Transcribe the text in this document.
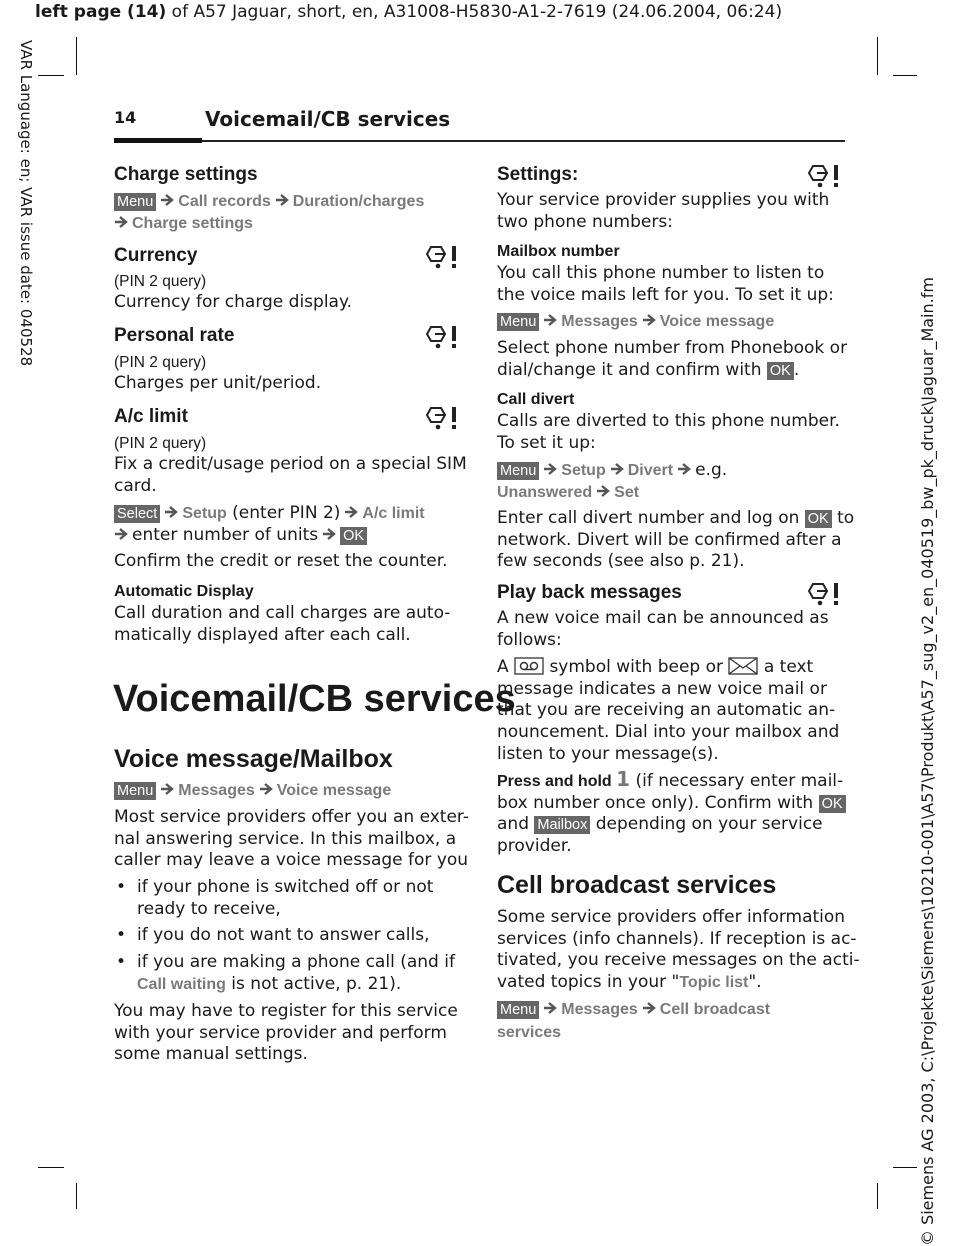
left page (14) of A57 Jaguar, short, en, A31008-H5830-A1-2-7619 (24.06.2004, 06:24)
VAR Language: en; VAR issue date: 040528
© Siemens AG 2003, C:\Projekte\Siemens\10210-001\A57\Produkt\A57_sug_v2_en_040519_bw_pk_druck\Jaguar_Main.fm
14	Voicemail/CB services
Charge settings
Menu Call records Duration/charges

Charge settings
Currency
(PIN 2 query)
Currency for charge display.
Personal rate
(PIN 2 query)
Charges per unit/period.
A/c limit
(PIN 2 query)

Fix a credit/usage period on a special SIM

card.

Select Setup (enter PIN 2) A/c limit

enter number of units OK
Confirm the credit or reset the counter.
Automatic Display

Call duration and call charges are auto-

matically displayed after each call.

Voicemail/CB services
Voice message/Mailbox
Menu Messages Voice message

Most service providers offer you an exter-

nal answering service. In this mailbox, a

caller may leave a voice message for you

• if your phone is switched off or not
ready to receive,
• if you do not want to answer calls,
• if you are making a phone call (and if
Call waiting is not active, p. 21).

You may have to register for this service

with your service provider and perform

some manual settings.

Settings:

Your service provider supplies you with

two phone numbers:

Mailbox number

You call this phone number to listen to

the voice mails left for you. To set it up:

Menu Messages Voice message

Select phone number from Phonebook or

dial/change it and confirm with OK .

Call divert

Calls are diverted to this phone number.

To set it up:

Menu Setup Divert e.g.
Unanswered Set

Enter call divert number and log on OK to

network. Divert will be confirmed after a

few seconds (see also p. 21).

Play back messages

A new voice mail can be announced as

follows:

A  symbol with beep or  a text

message indicates a new voice mail or

that you are receiving an automatic an-

nouncement. Dial into your mailbox and

listen to your message(s).

Press and hold 1 (if necessary enter mail-

box number once only). Confirm with OK

and Mailbox depending on your service

provider.

Cell broadcast services

Some service providers offer information

services (info channels). If reception is ac-

tivated, you receive messages on the acti-

vated topics in your "Topic list".

Menu Messages Cell broadcast
services
